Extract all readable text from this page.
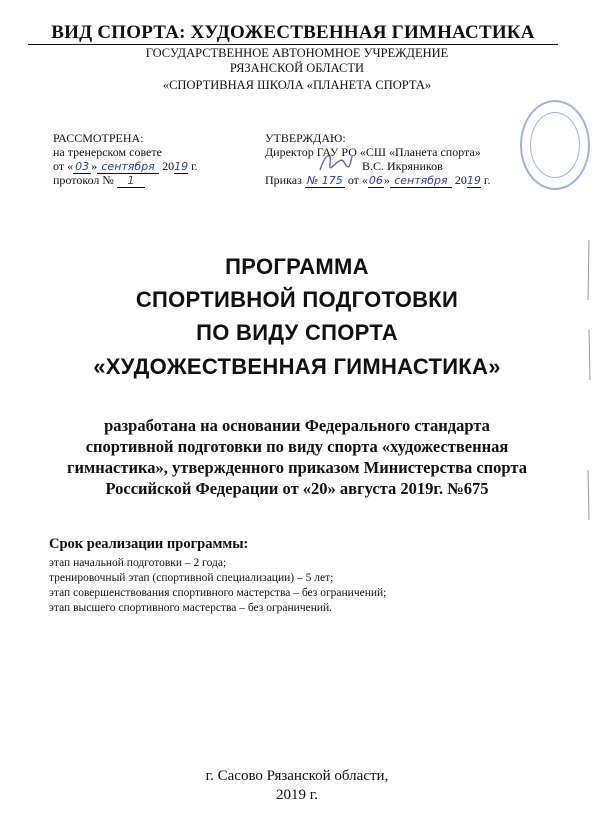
ВИД СПОРТА: ХУДОЖЕСТВЕННАЯ ГИМНАСТИКА
ГОСУДАРСТВЕННОЕ АВТОНОМНОЕ УЧРЕЖДЕНИЕ
РЯЗАНСКОЙ ОБЛАСТИ
«СПОРТИВНАЯ ШКОЛА «ПЛАНЕТА СПОРТА»
РАССМОТРЕНА:
на тренерском совете
от « 03 » сентября 2019 г.
протокол № 1
УТВЕРЖДАЮ:
Директор ГАУ РО «СШ «Планета спорта»
В.С. Икряников
Приказ № 175 от «06» сентября 2019 г.
ПРОГРАММА
СПОРТИВНОЙ ПОДГОТОВКИ
ПО ВИДУ СПОРТА
«ХУДОЖЕСТВЕННАЯ ГИМНАСТИКА»
разработана на основании Федерального стандарта
спортивной подготовки по виду спорта «художественная
гимнастика», утвержденного приказом Министерства спорта
Российской Федерации от «20» августа 2019г. №675
Срок реализации программы:
этап начальной подготовки – 2 года;
тренировочный этап (спортивной специализации) – 5 лет;
этап совершенствования спортивного мастерства – без ограничений;
этап высшего спортивного мастерства – без ограничений.
г. Сасово Рязанской области,
2019 г.
